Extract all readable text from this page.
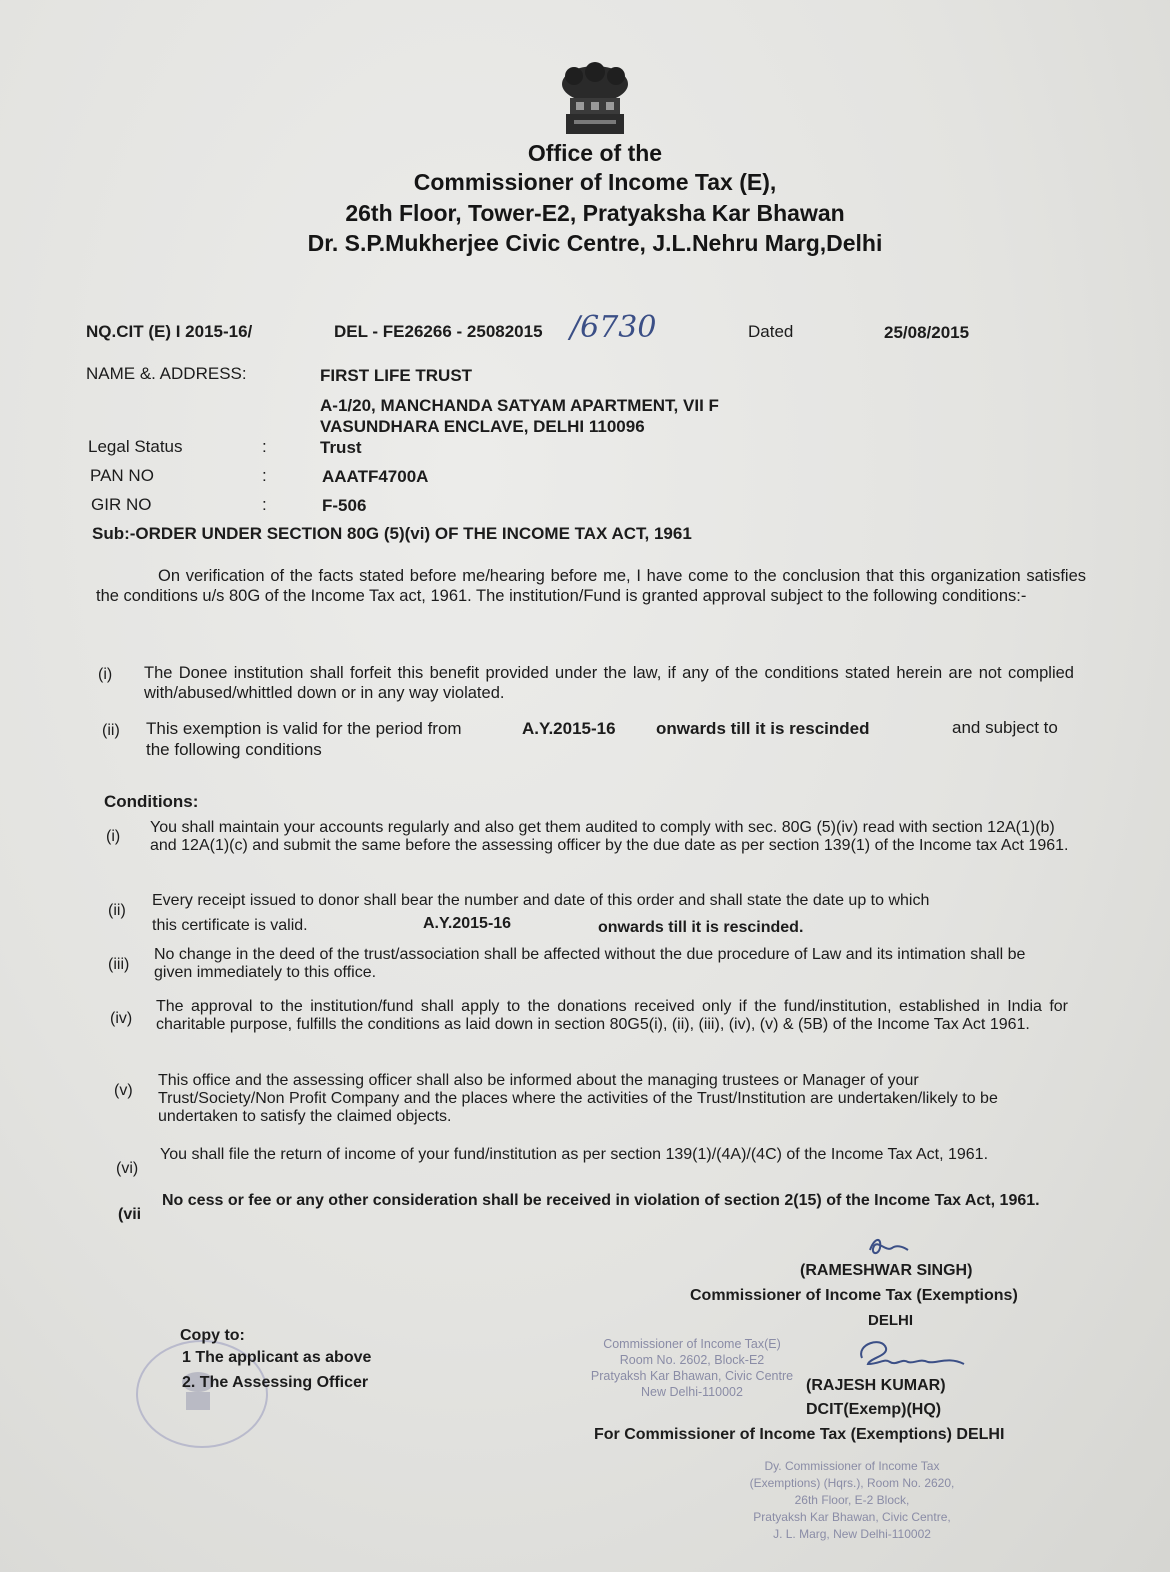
Office of the
Commissioner of Income Tax (E),
26th Floor, Tower-E2, Pratyaksha Kar Bhawan
Dr. S.P.Mukherjee Civic Centre, J.L.Nehru Marg,Delhi
NQ.CIT (E) I 2015-16/	DEL - FE26266 - 25082015 /6730	Dated	25/08/2015
NAME &. ADDRESS:	FIRST LIFE TRUST
A-1/20, MANCHANDA SATYAM APARTMENT, VII F
VASUNDHARA ENCLAVE, DELHI 110096
Legal Status	:	Trust
PAN NO	:	AAATF4700A
GIR NO	:	F-506
Sub:-ORDER UNDER SECTION 80G (5)(vi) OF THE INCOME TAX ACT, 1961
On verification of the facts stated before me/hearing before me, I have come to the conclusion that this organization satisfies the conditions u/s 80G of the Income Tax act, 1961. The institution/Fund is granted approval subject to the following conditions:-
(i) The Donee institution shall forfeit this benefit provided under the law, if any of the conditions stated herein are not complied with/abused/whittled down or in any way violated.
(ii) This exemption is valid for the period from	A.Y.2015-16 onwards till it is rescinded	and subject to
the following conditions
Conditions:
(i)
You shall maintain your accounts regularly and also get them audited to comply with sec. 80G (5)(iv) read with section 12A(1)(b) and 12A(1)(c) and submit the same before the assessing officer by the due date as per section 139(1) of the Income tax Act 1961.
(ii)
Every receipt issued to donor shall bear the number and date of this order and shall state the date up to which
this certificate is valid.	A.Y.2015-16	onwards till it is rescinded.
(iii)
No change in the deed of the trust/association shall be affected without the due procedure of Law and its intimation shall be given immediately to this office.
(iv)
The approval to the institution/fund shall apply to the donations received only if the fund/institution, established in India for charitable purpose, fulfills the conditions as laid down in section 80G5(i), (ii), (iii), (iv), (v) & (5B) of the Income Tax Act 1961.
(v)
This office and the assessing officer shall also be informed about the managing trustees or Manager of your Trust/Society/Non Profit Company and the places where the activities of the Trust/Institution are undertaken/likely to be undertaken to satisfy the claimed objects.
(vi)
You shall file the return of income of your fund/institution as per section 139(1)/(4A)/(4C) of the Income Tax Act, 1961.
(vii
No cess or fee or any other consideration shall be received in violation of section 2(15) of the Income Tax Act, 1961.
(RAMESHWAR SINGH)
Commissioner of Income Tax (Exemptions)
DELHI
Copy to:
1 The applicant as above
2. The Assessing Officer
Commissioner of Income Tax(E)
Room No. 2602, Block-E2
Pratyaksh Kar Bhawan, Civic Centre
New Delhi-110002	(RAJESH KUMAR)
DCIT(Exemp)(HQ)
For Commissioner of Income Tax (Exemptions) DELHI
Dy. Commissioner of Income Tax
(Exemptions) (Hqrs.), Room No. 2620,
26th Floor, E-2 Block,
Pratyaksh Kar Bhawan, Civic Centre,
J. L. Marg, New Delhi-110002
